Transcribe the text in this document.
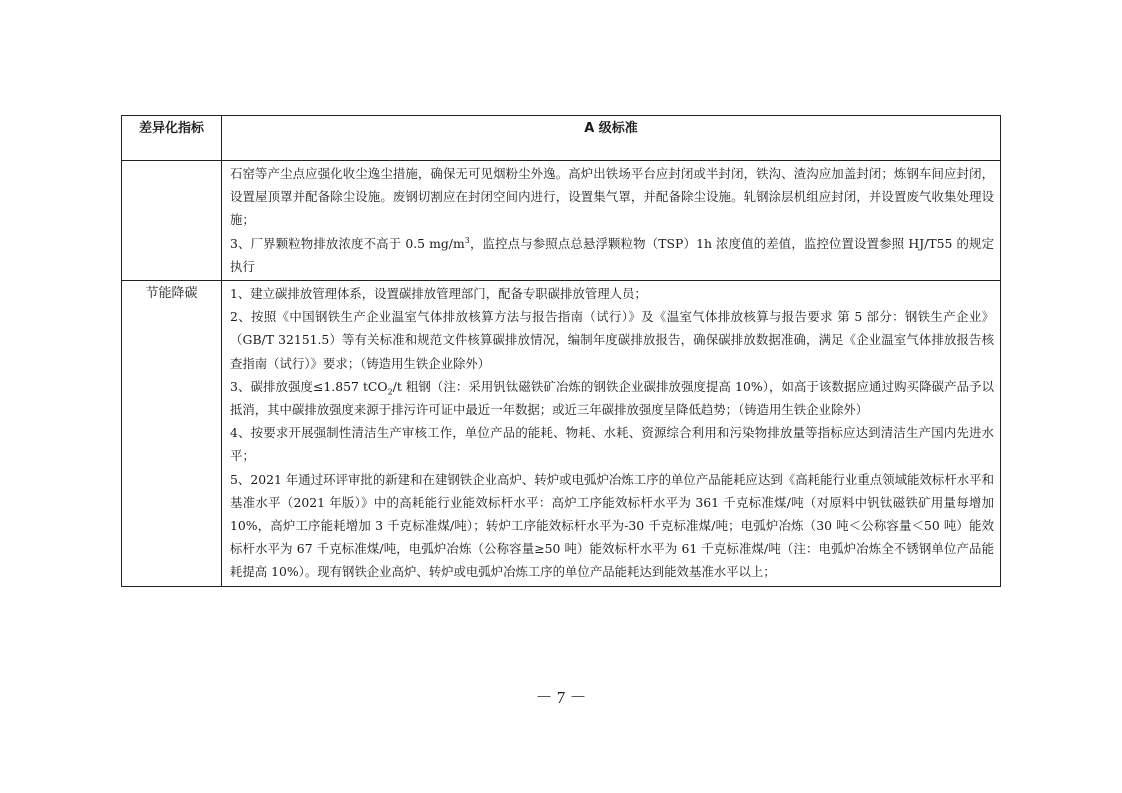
差异化指标	A 级标准

	石窑等产尘点应强化收尘逸尘措施，确保无可见烟粉尘外逸。高炉出铁场平台应封闭或半封闭，铁沟、渣沟应加盖封闭；炼钢车间应封闭，设置屋顶罩并配备除尘设施。废钢切割应在封闭空间内进行，设置集气罩，并配备除尘设施。轧钢涂层机组应封闭，并设置废气收集处理设施；
3、厂界颗粒物排放浓度不高于 0.5 $mg/m^3$，监控点与参照点总悬浮颗粒物（TSP）1h 浓度值的差值，监控位置设置参照 HJ/T55 的规定执行

节能降碳	1、建立碳排放管理体系，设置碳排放管理部门，配备专职碳排放管理人员；
2、按照《中国钢铁生产企业温室气体排放核算方法与报告指南（试行）》及《温室气体排放核算与报告要求 第 5 部分：钢铁生产企业》（GB/T 32151.5）等有关标准和规范文件核算碳排放情况，编制年度碳排放报告，确保碳排放数据准确，满足《企业温室气体排放报告核查指南（试行）》要求；（铸造用生铁企业除外）
3、碳排放强度≤1.857 tCO$_2$/t 粗钢（注：采用钒钛磁铁矿冶炼的钢铁企业碳排放强度提高 10%），如高于该数据应通过购买降碳产品予以抵消，其中碳排放强度来源于排污许可证中最近一年数据；或近三年碳排放强度呈降低趋势；（铸造用生铁企业除外）
4、按要求开展强制性清洁生产审核工作，单位产品的能耗、物耗、水耗、资源综合利用和污染物排放量等指标应达到清洁生产国内先进水平；
5、2021 年通过环评审批的新建和在建钢铁企业高炉、转炉或电弧炉冶炼工序的单位产品能耗应达到《高耗能行业重点领域能效标杆水平和基准水平（2021 年版）》中的高耗能行业能效标杆水平：高炉工序能效标杆水平为 361 千克标准煤/吨（对原料中钒钛磁铁矿用量每增加 10%，高炉工序能耗增加 3 千克标准煤/吨）；转炉工序能效标杆水平为-30 千克标准煤/吨；电弧炉冶炼（30 吨＜公称容量＜50 吨）能效标杆水平为 67 千克标准煤/吨，电弧炉冶炼（公称容量≥50 吨）能效标杆水平为 61 千克标准煤/吨（注：电弧炉冶炼全不锈钢单位产品能耗提高 10%）。现有钢铁企业高炉、转炉或电弧炉冶炼工序的单位产品能耗达到能效基准水平以上；
－ 7 －
